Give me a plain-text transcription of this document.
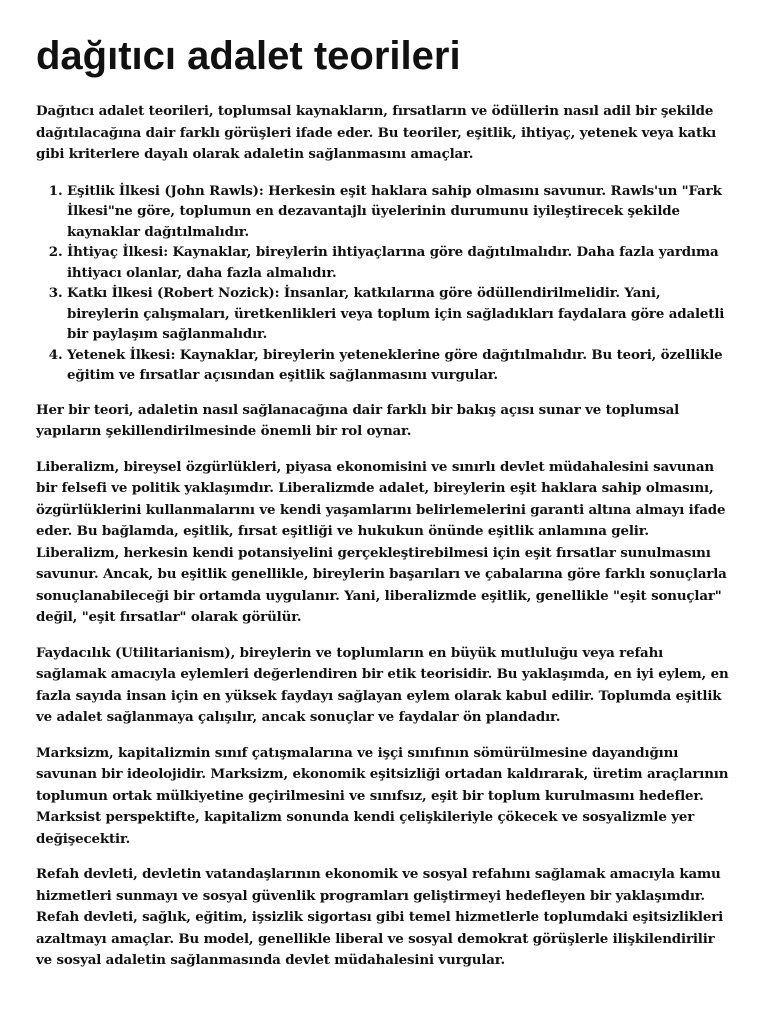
dağıtıcı adalet teorileri

Dağıtıcı adalet teorileri, toplumsal kaynakların, fırsatların ve ödüllerin nasıl adil bir şekilde dağıtılacağına dair farklı görüşleri ifade eder. Bu teoriler, eşitlik, ihtiyaç, yetenek veya katkı gibi kriterlere dayalı olarak adaletin sağlanmasını amaçlar.

1. Eşitlik İlkesi (John Rawls): Herkesin eşit haklara sahip olmasını savunur. Rawls'un "Fark İlkesi"ne göre, toplumun en dezavantajlı üyelerinin durumunu iyileştirecek şekilde kaynaklar dağıtılmalıdır.
2. İhtiyaç İlkesi: Kaynaklar, bireylerin ihtiyaçlarına göre dağıtılmalıdır. Daha fazla yardıma ihtiyacı olanlar, daha fazla almalıdır.
3. Katkı İlkesi (Robert Nozick): İnsanlar, katkılarına göre ödüllendirilmelidir. Yani, bireylerin çalışmaları, üretkenlikleri veya toplum için sağladıkları faydalara göre adaletli bir paylaşım sağlanmalıdır.
4. Yetenek İlkesi: Kaynaklar, bireylerin yeteneklerine göre dağıtılmalıdır. Bu teori, özellikle eğitim ve fırsatlar açısından eşitlik sağlanmasını vurgular.

Her bir teori, adaletin nasıl sağlanacağına dair farklı bir bakış açısı sunar ve toplumsal yapıların şekillendirilmesinde önemli bir rol oynar.

Liberalizm, bireysel özgürlükleri, piyasa ekonomisini ve sınırlı devlet müdahalesini savunan bir felsefi ve politik yaklaşımdır. Liberalizmde adalet, bireylerin eşit haklara sahip olmasını, özgürlüklerini kullanmalarını ve kendi yaşamlarını belirlemelerini garanti altına almayı ifade eder. Bu bağlamda, eşitlik, fırsat eşitliği ve hukukun önünde eşitlik anlamına gelir. Liberalizm, herkesin kendi potansiyelini gerçekleştirebilmesi için eşit fırsatlar sunulmasını savunur. Ancak, bu eşitlik genellikle, bireylerin başarıları ve çabalarına göre farklı sonuçlarla sonuçlanabileceği bir ortamda uygulanır. Yani, liberalizmde eşitlik, genellikle "eşit sonuçlar" değil, "eşit fırsatlar" olarak görülür.

Faydacılık (Utilitarianism), bireylerin ve toplumların en büyük mutluluğu veya refahı sağlamak amacıyla eylemleri değerlendiren bir etik teorisidir. Bu yaklaşımda, en iyi eylem, en fazla sayıda insan için en yüksek faydayı sağlayan eylem olarak kabul edilir. Toplumda eşitlik ve adalet sağlanmaya çalışılır, ancak sonuçlar ve faydalar ön plandadır.

Marksizm, kapitalizmin sınıf çatışmalarına ve işçi sınıfının sömürülmesine dayandığını savunan bir ideolojidir. Marksizm, ekonomik eşitsizliği ortadan kaldırarak, üretim araçlarının toplumun ortak mülkiyetine geçirilmesini ve sınıfsız, eşit bir toplum kurulmasını hedefler. Marksist perspektifte, kapitalizm sonunda kendi çelişkileriyle çökecek ve sosyalizmle yer değişecektir.

Refah devleti, devletin vatandaşlarının ekonomik ve sosyal refahını sağlamak amacıyla kamu hizmetleri sunmayı ve sosyal güvenlik programları geliştirmeyi hedefleyen bir yaklaşımdır. Refah devleti, sağlık, eğitim, işsizlik sigortası gibi temel hizmetlerle toplumdaki eşitsizlikleri azaltmayı amaçlar. Bu model, genellikle liberal ve sosyal demokrat görüşlerle ilişkilendirilir ve sosyal adaletin sağlanmasında devlet müdahalesini vurgular.
